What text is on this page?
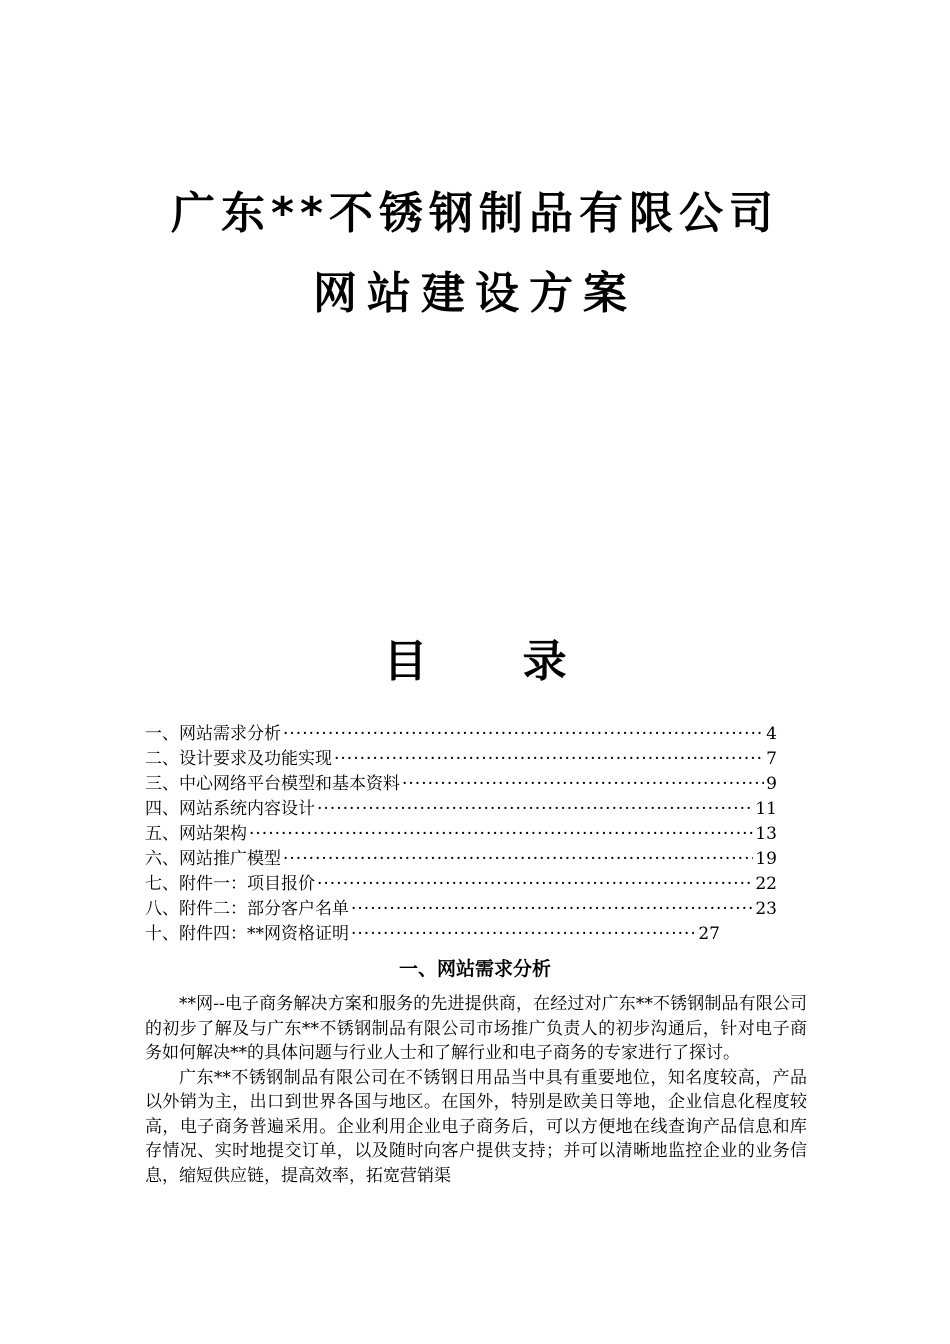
广东**不锈钢制品有限公司
网站建设方案
目 录
一、网站需求分析 ·····	4
二、设计要求及功能实现 ·····	7
三、中心网络平台模型和基本资料 ·····	9
四、网站系统内容设计 ·····	11
五、网站架构 ·····	13
六、网站推广模型 ·····	19
七、附件一：项目报价 ·····	22
八、附件二：部分客户名单 ·····	23
十、附件四：**网资格证明 ·····	27
一、网站需求分析

**网--电子商务解决方案和服务的先进提供商，在经过对广东**不锈钢制品有限公司的初步了解及与广东**不锈钢制品有限公司市场推广负责人的初步沟通后，针对电子商务如何解决**的具体问题与行业人士和了解行业和电子商务的专家进行了探讨。

广东**不锈钢制品有限公司在不锈钢日用品当中具有重要地位，知名度较高，产品以外销为主，出口到世界各国与地区。在国外，特别是欧美日等地，企业信息化程度较高，电子商务普遍采用。企业利用企业电子商务后，可以方便地在线查询产品信息和库存情况、实时地提交订单，以及随时向客户提供支持；并可以清晰地监控企业的业务信息，缩短供应链，提高效率，拓宽营销渠
